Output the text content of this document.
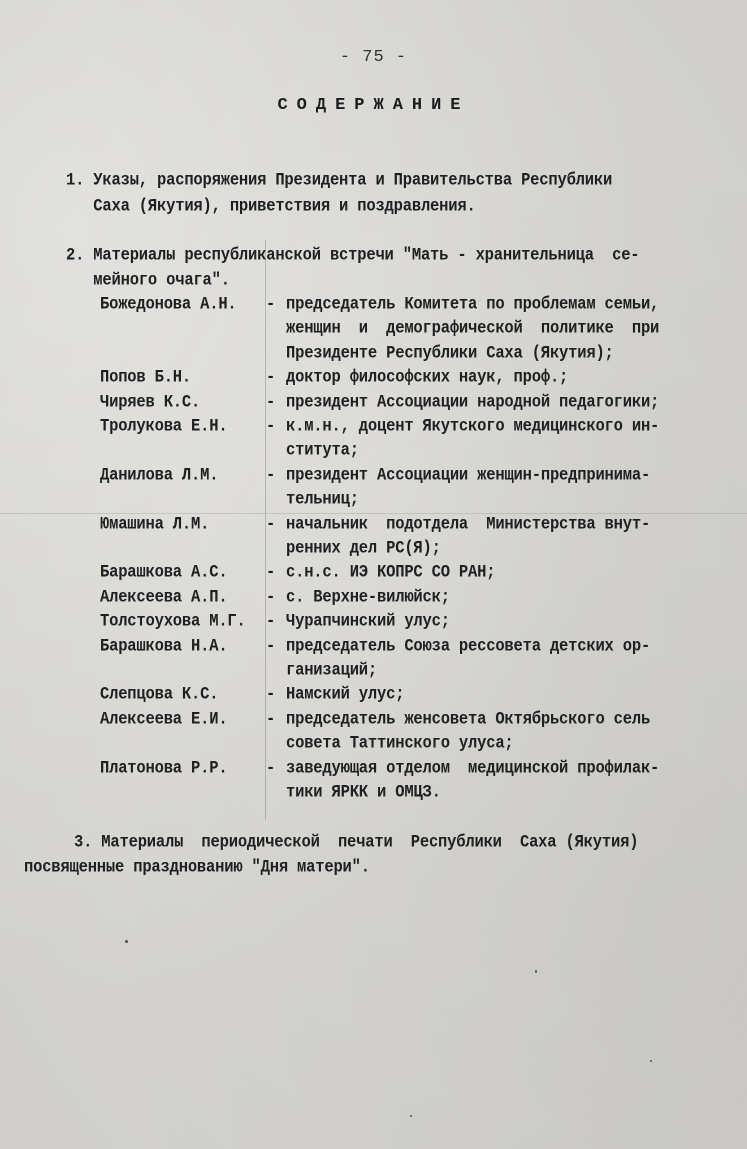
- 75 -
СОДЕРЖАНИЕ
1. Указы, распоряжения Президента и Правительства Республики
Саха (Якутия), приветствия и поздравления.
2. Материалы республиканской встречи "Мать - хранительница  се-
мейного очага".
Божедонова А.Н. - председатель Комитета по проблемам семьи,
женщин  и  демографической  политике  при
Президенте Республики Саха (Якутия);
Попов Б.Н.	- доктор философских наук, проф.;
Чиряев К.С.	- президент Ассоциации народной педагогики;
Тролукова Е.Н. - к.м.н., доцент Якутского медицинского ин-
ститута;
Данилова Л.М.	- президент Ассоциации женщин-предпринима-
тельниц;
Юмашина Л.М.	- начальник  подотдела  Министерства внут-
ренних дел РС(Я);
Барашкова А.С. - с.н.с. ИЭ КОПРС СО РАН;
Алексеева А.П. - с. Верхне-вилюйск;
Толстоухова М.Г. - Чурапчинский улус;
Барашкова Н.А. - председатель Союза рессовета детских ор-
ганизаций;
Слепцова К.С.	- Намский улус;
Алексеева Е.И. - председатель женсовета Октябрьского сель
совета Таттинского улуса;
Платонова Р.Р. - заведующая отделом  медицинской профилак-
тики ЯРКК и ОМЦЗ.
3. Материалы  периодической  печати  Республики  Саха (Якутия)
посвященные празднованию "Дня матери".
